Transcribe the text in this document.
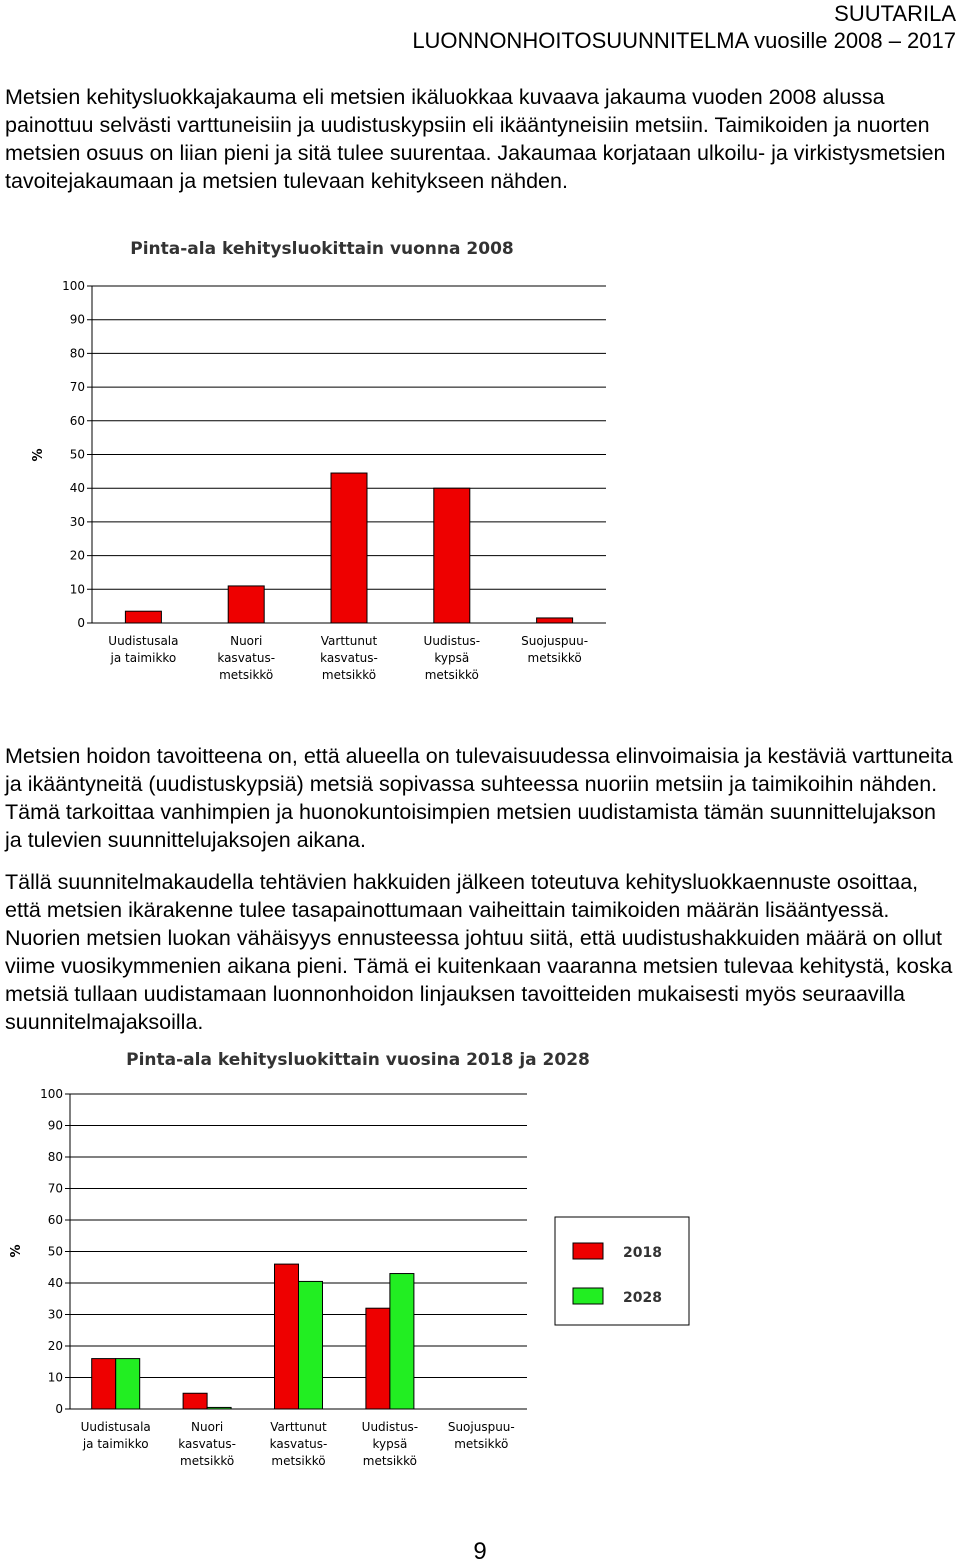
SUUTARILA
LUONNONHOITOSUUNNITELMA vuosille 2008 – 2017

Metsien kehitysluokkajakauma eli metsien ikäluokkaa kuvaava jakauma vuoden 2008 alussa painottuu selvästi varttuneisiin ja uudistuskypsiin eli ikääntyneisiin metsiin. Taimikoiden ja nuorten metsien osuus on liian pieni ja sitä tulee suurentaa. Jakaumaa korjataan ulkoilu- ja virkistysmetsien tavoitejakaumaan ja metsien tulevaan kehitykseen nähden.

Pinta-ala kehitysluokittain vuonna 2008
%
0
10
20
30
40
50
60
70
80
90
100
Uudistusala
ja taimikko
Nuori
kasvatus-
metsikkö
Varttunut
kasvatus-
metsikkö
Uudistus-
kypsä
metsikkö
Suojuspuu-
metsikkö

Metsien hoidon tavoitteena on, että alueella on tulevaisuudessa elinvoimaisia ja kestäviä varttuneita ja ikääntyneitä (uudistuskypsiä) metsiä sopivassa suhteessa nuoriin metsiin ja taimikoihin nähden. Tämä tarkoittaa vanhimpien ja huonokuntoisimpien metsien uudistamista tämän suunnittelujakson ja tulevien suunnittelujaksojen aikana.

Tällä suunnitelmakaudella tehtävien hakkuiden jälkeen toteutuva kehitysluokkaennuste osoittaa, että metsien ikärakenne tulee tasapainottumaan vaiheittain taimikoiden määrän lisääntyessä. Nuorien metsien luokan vähäisyys ennusteessa johtuu siitä, että uudistushakkuiden määrä on ollut viime vuosikymmenien aikana pieni. Tämä ei kuitenkaan vaaranna metsien tulevaa kehitystä, koska metsiä tullaan uudistamaan luonnonhoidon linjauksen tavoitteiden mukaisesti myös seuraavilla suunnitelmajaksoilla.

Pinta-ala kehitysluokittain vuosina 2018 ja 2028
%
0
10
20
30
40
50
60
70
80
90
100
Uudistusala
ja taimikko
Nuori
kasvatus-
metsikkö
Varttunut
kasvatus-
metsikkö
Uudistus-
kypsä
metsikkö
Suojuspuu-
metsikkö
2018
2028
9
